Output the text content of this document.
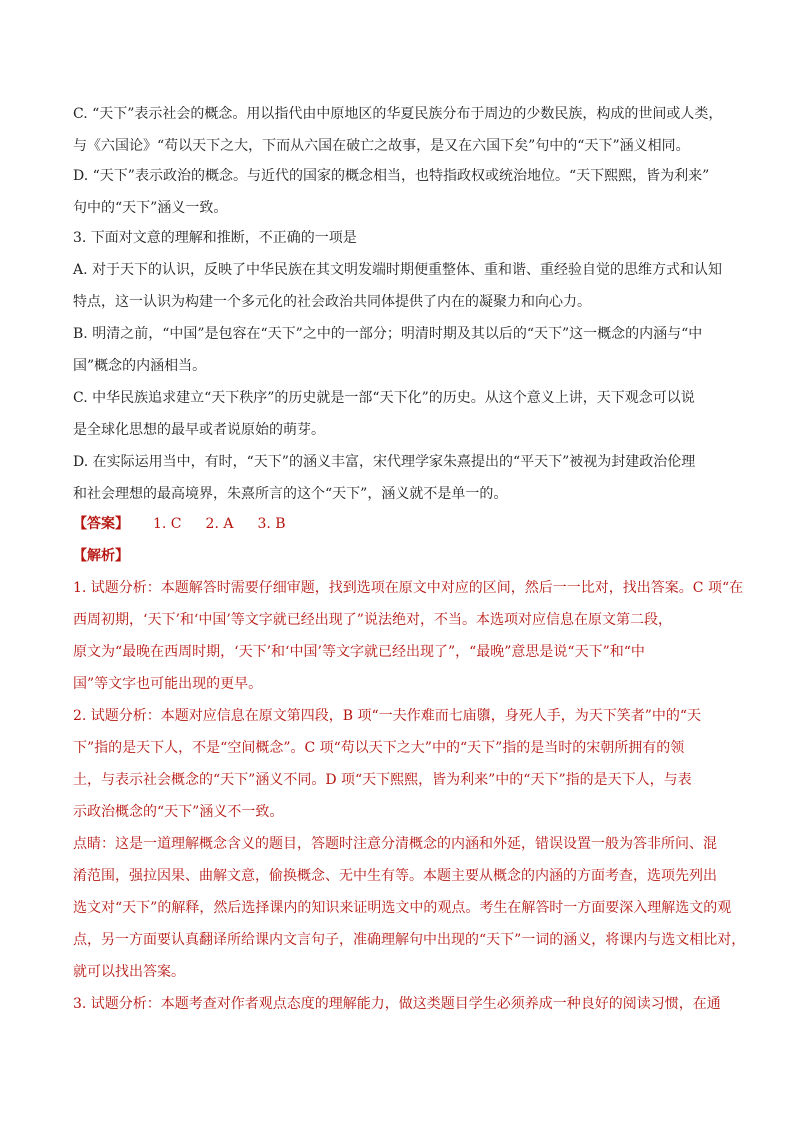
C. “天下”表示社会的概念。用以指代由中原地区的华夏民族分布于周边的少数民族，构成的世间或人类，
与《六国论》“苟以天下之大，下而从六国在破亡之故事，是又在六国下矣”句中的“天下”涵义相同。
D. “天下”表示政治的概念。与近代的国家的概念相当，也特指政权或统治地位。“天下熙熙，皆为利来”
句中的“天下”涵义一致。
3. 下面对文意的理解和推断，不正确的一项是
A. 对于天下的认识，反映了中华民族在其文明发端时期便重整体、重和谐、重经验自觉的思维方式和认知
特点，这一认识为构建一个多元化的社会政治共同体提供了内在的凝聚力和向心力。
B. 明清之前，“中国”是包容在“天下”之中的一部分；明清时期及其以后的“天下”这一概念的内涵与“中
国”概念的内涵相当。
C. 中华民族追求建立“天下秩序”的历史就是一部“天下化”的历史。从这个意义上讲，天下观念可以说
是全球化思想的最早或者说原始的萌芽。
D. 在实际运用当中，有时，“天下”的涵义丰富，宋代理学家朱熹提出的“平天下”被视为封建政治伦理
和社会理想的最高境界，朱熹所言的这个“天下”，涵义就不是单一的。
【答案】 1. C 2. A 3. B
【解析】
1. 试题分析：本题解答时需要仔细审题，找到选项在原文中对应的区间，然后一一比对，找出答案。C 项“在
西周初期，‘天下’和‘中国’等文字就已经出现了”说法绝对，不当。本选项对应信息在原文第二段，
原文为“最晚在西周时期，‘天下’和‘中国’等文字就已经出现了”，“最晚”意思是说“天下”和“中
国”等文字也可能出现的更早。
2. 试题分析：本题对应信息在原文第四段，B 项“一夫作难而七庙隳，身死人手，为天下笑者”中的“天
下”指的是天下人，不是“空间概念”。C 项“苟以天下之大”中的“天下”指的是当时的宋朝所拥有的领
土，与表示社会概念的“天下”涵义不同。D 项“天下熙熙，皆为利来”中的“天下”指的是天下人，与表
示政治概念的“天下”涵义不一致。
点睛：这是一道理解概念含义的题目，答题时注意分清概念的内涵和外延，错误设置一般为答非所问、混
淆范围，强拉因果、曲解文意，偷换概念、无中生有等。本题主要从概念的内涵的方面考查，选项先列出
选文对“天下”的解释，然后选择课内的知识来证明选文中的观点。考生在解答时一方面要深入理解选文的观
点，另一方面要认真翻译所给课内文言句子，准确理解句中出现的“天下”一词的涵义，将课内与选文相比对，
就可以找出答案。
3. 试题分析：本题考查对作者观点态度的理解能力，做这类题目学生必须养成一种良好的阅读习惯，在通
